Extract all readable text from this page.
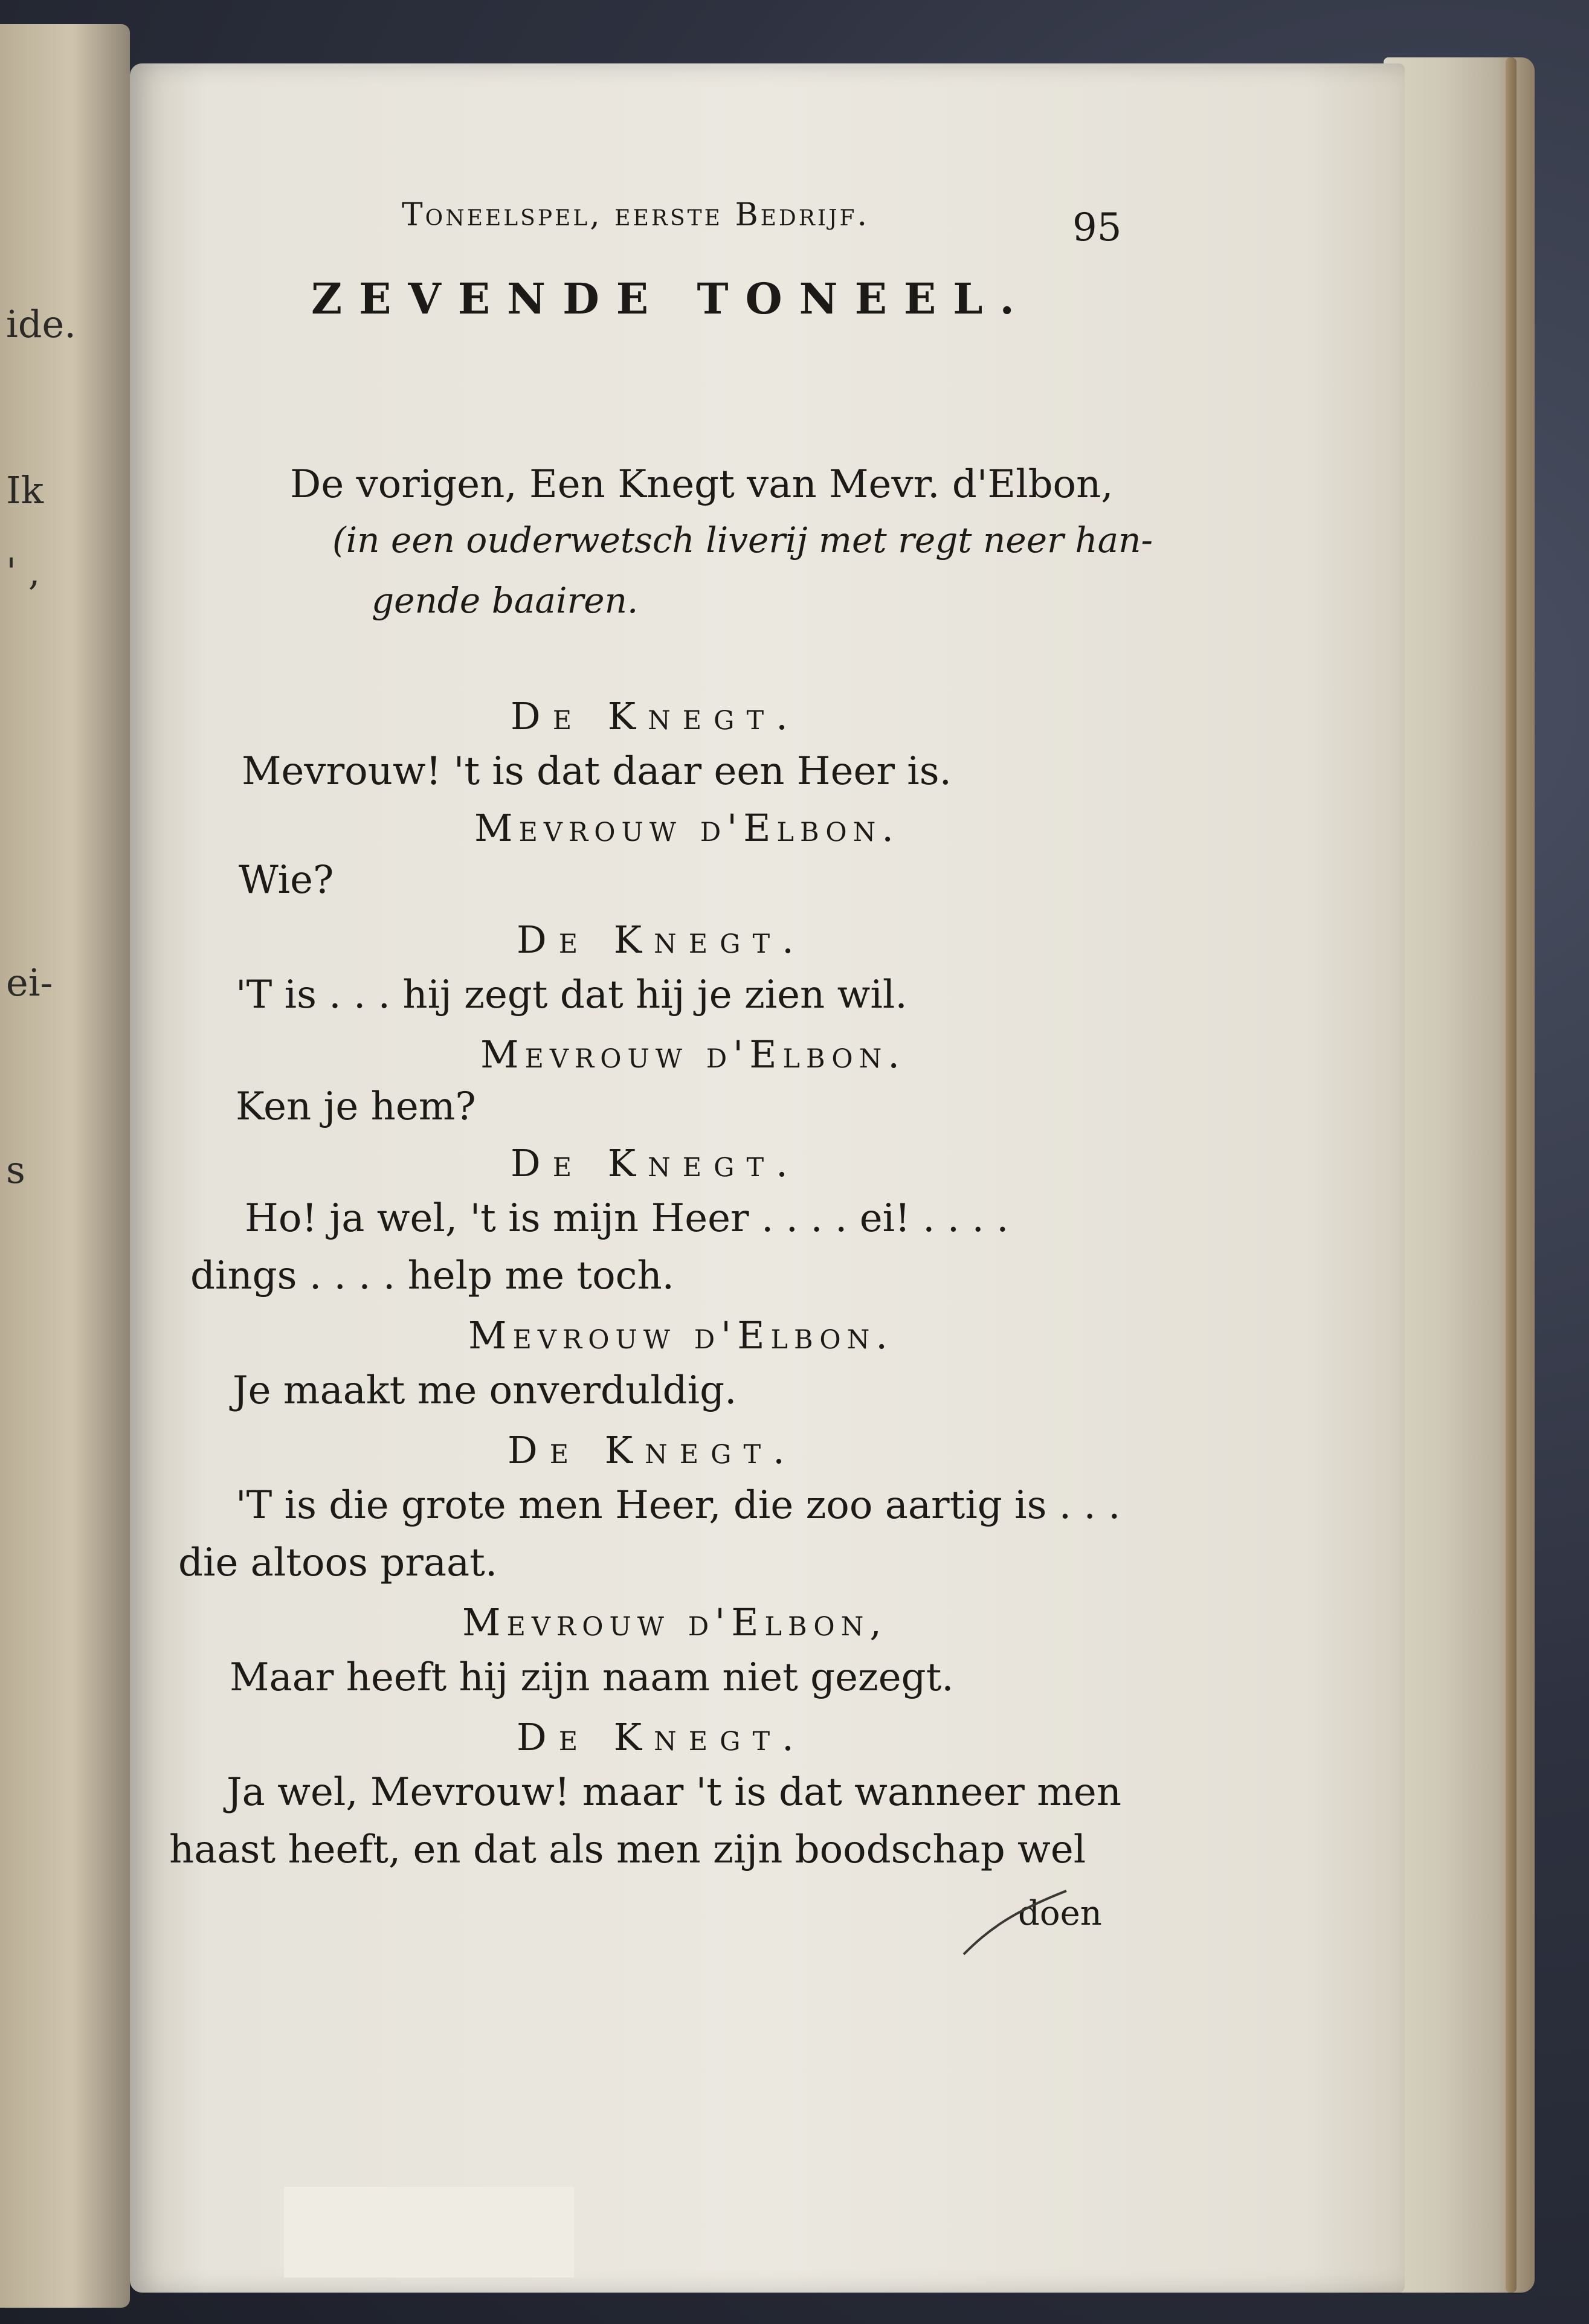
ide.
Ik
' ,
ei-
s
Toneelspel, eerste Bedrijf.	95
ZEVENDE TONEEL.
De vorigen, Een Knegt van Mevr. d'Elbon,
(in een ouderwetsch liverij met regt neer han-
gende baairen.
De Knegt.
Mevrouw! 't is dat daar een Heer is.
Mevrouw d'Elbon.
Wie?
De Knegt.
'T is . . . hij zegt dat hij je zien wil.
Mevrouw d'Elbon.
Ken je hem?
De Knegt.
Ho! ja wel, 't is mijn Heer . . . . ei! . . . .
dings . . . . help me toch.
Mevrouw d'Elbon.
Je maakt me onverduldig.
De Knegt.
'T is die grote men Heer, die zoo aartig is . . .
die altoos praat.
Mevrouw d'Elbon,
Maar heeft hij zijn naam niet gezegt.
De Knegt.
Ja wel, Mevrouw! maar 't is dat wanneer men
haast heeft, en dat als men zijn boodschap wel
doen
